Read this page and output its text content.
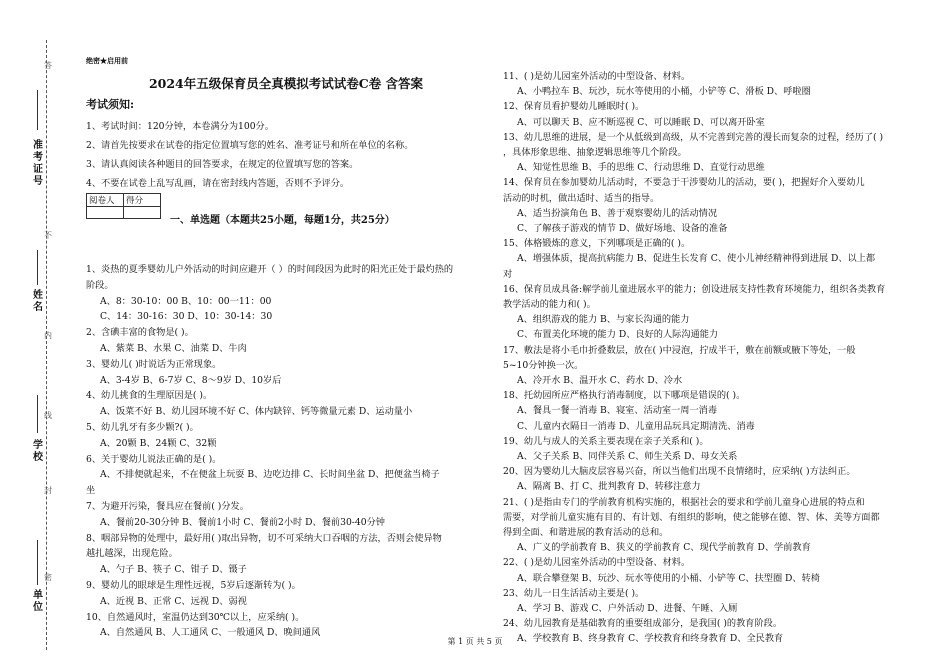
答
不
内
线
封
密
准考证号
姓名
学校
单位
绝密★启用前
2024年五级保育员全真模拟考试试卷C卷 含答案
考试须知:
1、考试时间：120分钟，本卷满分为100分。
2、请首先按要求在试卷的指定位置填写您的姓名、准考证号和所在单位的名称。
3、请认真阅读各种题目的回答要求，在规定的位置填写您的答案。
4、不要在试卷上乱写乱画，请在密封线内答题，否则不予评分。
阅卷人	得分

一、单选题（本题共25小题，每题1分，共25分）
1、炎热的夏季婴幼儿户外活动的时间应避开（ ）的时间段因为此时的阳光正处于最灼热的
阶段。
A、8：30-10：00 B、10：00一11：00
C、14：30-16：30 D、10：30-14：30
2、含碘丰富的食物是( )。
A、紫菜 B、水果 C、油菜 D、牛肉
3、婴幼儿( )时说话为正常现象。
A、3-4岁 B、6-7岁 C、8～9岁 D、10岁后
4、幼儿挑食的生理原因是( )。
A、饭菜不好 B、幼儿园环境不好 C、体内缺锌、钙等微量元素 D、运动量小
5、幼儿乳牙有多少颗?( )。
A、20颗 B、24颗 C、32颗
6、关于婴幼儿说法正确的是( )。
A、不排便就起来，不在便盆上玩耍 B、边吃边排 C、长时间坐盆 D、把便盆当椅子
坐
7、为避开污染，餐具应在餐前( )分发。
A、餐前20-30分钟 B、餐前1小时 C、餐前2小时 D、餐前30-40分钟
8、咽部异物的处理中，最好用( )取出异物，切不可采纳大口吞咽的方法，否则会使异物
越扎越深，出现危险。
A、勺子 B、筷子 C、钳子 D、镊子
9、婴幼儿的眼球是生理性远视，5岁后逐渐转为( )。
A、近视 B、正常 C、远视 D、弱视
10、自然通风时，室温仍达到30℃以上，应采纳( )。
A、自然通风 B、人工通风 C、一般通风 D、晚间通风
11、( )是幼儿园室外活动的中型设备、材料。
A、小鸭拉车 B、玩沙，玩水等使用的小桶，小铲等 C、滑板 D、呼啦圈
12、保育员看护婴幼儿睡眠时( )。
A、可以聊天 B、应不断巡视 C、可以睡眠 D、可以离开卧室
13、幼儿思维的进展，是一个从低级到高级，从不完善到完善的漫长而复杂的过程，经历了( )
，具体形象思维、抽象逻辑思维等几个阶段。
A、知觉性思维 B、手的思维 C、行动思维 D、直觉行动思维
14、保育员在参加婴幼儿活动时，不要急于干涉婴幼儿的活动，要( )，把握好介入要幼儿
活动的时机，做出适时、适当的指导。
A、适当扮演角色 B、善于观察婴幼儿的活动情况
C、了解孩子游戏的情节 D、做好场地、设备的准备
15、体格锻炼的意义，下列哪项是正确的( )。
A、增强体质，提高抗病能力 B、促进生长发育 C、使小儿神经精神得到进展 D、以上都
对
16、保育员成具备:解学前儿童进展水平的能力；创设进展支持性教育环境能力，组织各类教育
教学活动的能力和( )。
A、组织游戏的能力 B、与家长沟通的能力
C、布置美化环境的能力 D、良好的人际沟通能力
17、敷法是将小毛巾折叠数层，放在( )中浸泡，拧成半干，敷在前额或腋下等处，一般
5~10分钟换一次。
A、冷开水 B、温开水 C、药水 D、冷水
18、托幼园所应严格执行消毒制度，以下哪项是错误的( )。
A、餐具一餐一消毒 B、寝室、活动室一周一消毒
C、儿童内衣隔日一消毒 D、儿童用品玩具定期清洗、消毒
19、幼儿与成人的关系主要表现在亲子关系和( )。
A、父子关系 B、同伴关系 C、师生关系 D、母女关系
20、因为婴幼儿大脑皮层容易兴奋，所以当他们出现不良情绪时，应采纳( )方法纠正。
A、隔离 B、打 C、批判教育 D、转移注意力
21、( )是指由专门的学前教育机构实施的，根据社会的要求和学前儿童身心进展的特点和
需要，对学前儿童实施有目的、有计划、有组织的影响，使之能够在德、智、体、美等方面都
得到全面、和谐进展的教育活动的总和。
A、广义的学前教育 B、狭义的学前教育 C、现代学前教育 D、学前教育
22、( )是幼儿园室外活动的中型设备、材料。
A、联合攀登架 B、玩沙、玩水等使用的小桶、小铲等 C、扶型圈 D、转椅
23、幼儿一日生活活动主要是( )。
A、学习 B、游戏 C、户外活动 D、进餐、午睡、入厕
24、幼儿园教育是基础教育的重要组成部分，是我国( )的教育阶段。
A、学校教育 B、终身教育 C、学校教育和终身教育 D、全民教育
第 1 页 共 5 页
